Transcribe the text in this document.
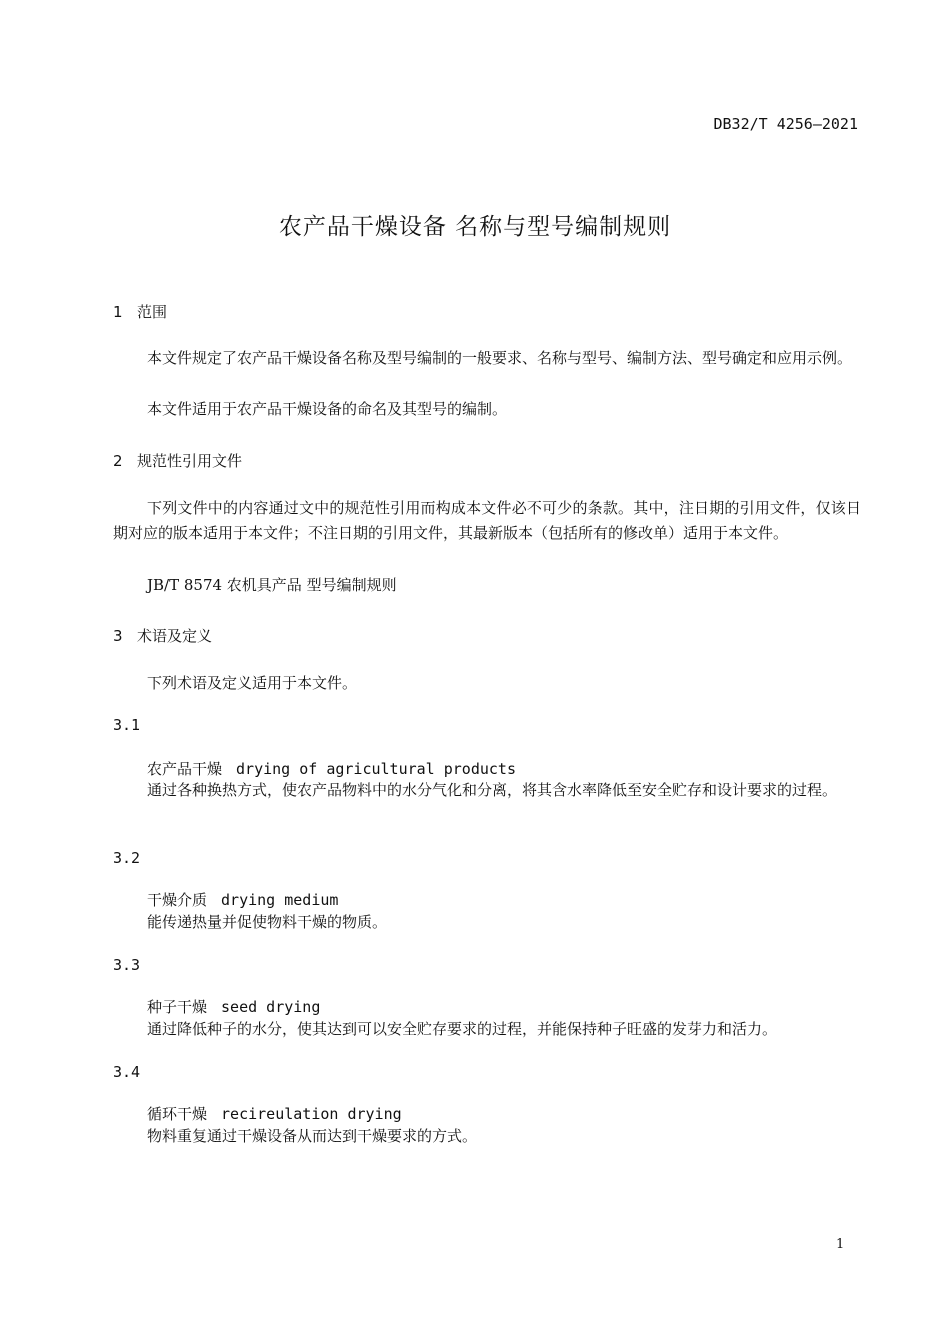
DB32/T 4256—2021
农产品干燥设备 名称与型号编制规则
1 范围
本文件规定了农产品干燥设备名称及型号编制的一般要求、名称与型号、编制方法、型号确定和应用示例。
本文件适用于农产品干燥设备的命名及其型号的编制。
2 规范性引用文件
下列文件中的内容通过文中的规范性引用而构成本文件必不可少的条款。其中，注日期的引用文件，仅该日期对应的版本适用于本文件；不注日期的引用文件，其最新版本（包括所有的修改单）适用于本文件。
JB/T 8574 农机具产品 型号编制规则
3 术语及定义
下列术语及定义适用于本文件。
3.1
农产品干燥 drying of agricultural products
通过各种换热方式，使农产品物料中的水分气化和分离，将其含水率降低至安全贮存和设计要求的过程。
3.2
干燥介质 drying medium
能传递热量并促使物料干燥的物质。
3.3
种子干燥 seed drying
通过降低种子的水分，使其达到可以安全贮存要求的过程，并能保持种子旺盛的发芽力和活力。
3.4
循环干燥 recireulation drying
物料重复通过干燥设备从而达到干燥要求的方式。
1
